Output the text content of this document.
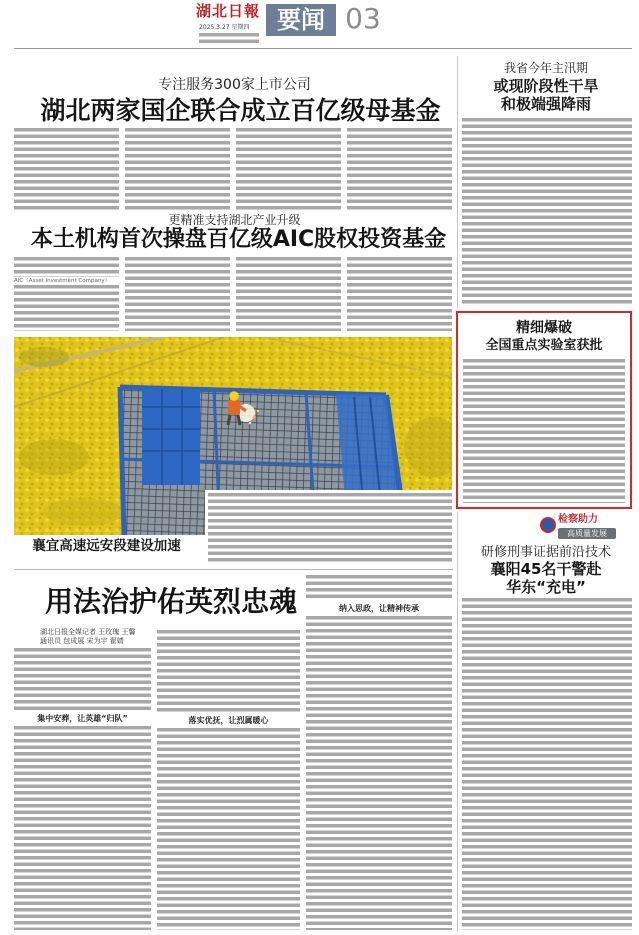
湖北日報
2025.3.27 星期四	要闻 03
专注服务300家上市公司
湖北两家国企联合成立百亿级母基金
更精准支持湖北产业升级
本土机构首次操盘百亿级AIC股权投资基金
AIC（Asset Investment Company）
我省今年主汛期
或现阶段性干旱
和极端强降雨
襄宜高速远安段建设加速
精细爆破
全国重点实验室获批
检察助力
高质量发展
研修刑事证据前沿技术
襄阳45名干警赴
华东“充电”
用法治护佑英烈忠魂
湖北日报全媒记者 王玫瑰 王馨
通讯员 包成展 宋为宇 翟婧
集中安葬，让英雄“归队”	落实优抚，让烈属暖心
纳入思政，让精神传承
